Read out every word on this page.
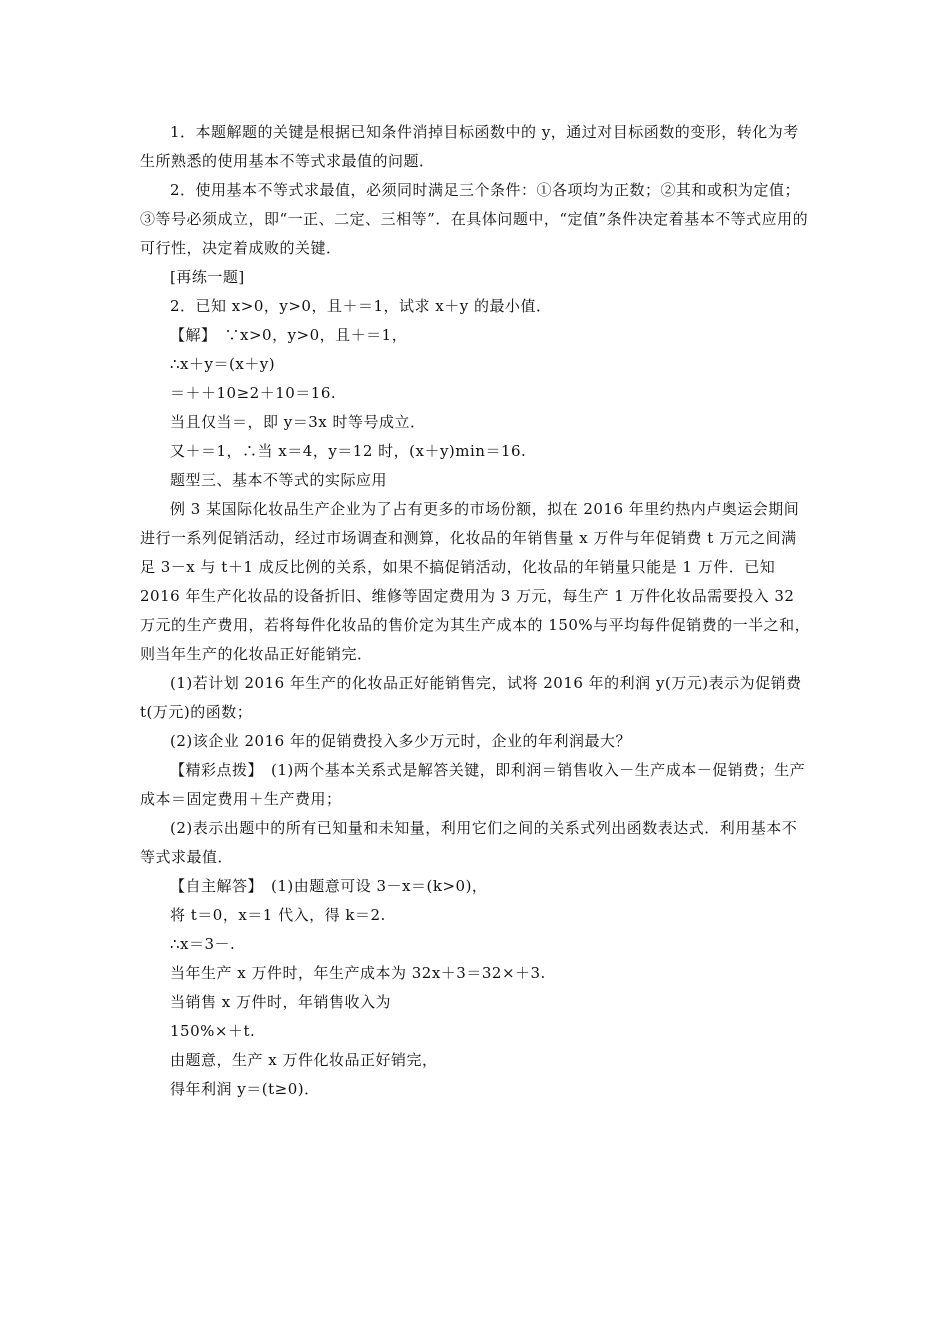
1．本题解题的关键是根据已知条件消掉目标函数中的 y，通过对目标函数的变形，转化为考生所熟悉的使用基本不等式求最值的问题．

2．使用基本不等式求最值，必须同时满足三个条件：①各项均为正数；②其和或积为定值；③等号必须成立，即“一正、二定、三相等”．在具体问题中，“定值”条件决定着基本不等式应用的可行性，决定着成败的关键．

[再练一题]

2．已知 x>0，y>0，且＋＝1，试求 x＋y 的最小值．

【解】　∵x>0，y>0，且＋＝1，

∴x＋y＝(x＋y)

＝＋＋10≥2＋10＝16.

当且仅当＝，即 y＝3x 时等号成立．

又＋＝1，∴当 x＝4，y＝12 时，(x＋y)min＝16.

题型三、基本不等式的实际应用

例 3 某国际化妆品生产企业为了占有更多的市场份额，拟在 2016 年里约热内卢奥运会期间进行一系列促销活动，经过市场调查和测算，化妆品的年销售量 x 万件与年促销费 t 万元之间满足 3－x 与 t＋1 成反比例的关系，如果不搞促销活动，化妆品的年销量只能是 1 万件．已知 2016 年生产化妆品的设备折旧、维修等固定费用为 3 万元，每生产 1 万件化妆品需要投入 32 万元的生产费用，若将每件化妆品的售价定为其生产成本的 150%与平均每件促销费的一半之和，则当年生产的化妆品正好能销完．

(1)若计划 2016 年生产的化妆品正好能销售完，试将 2016 年的利润 y(万元)表示为促销费 t(万元)的函数；

(2)该企业 2016 年的促销费投入多少万元时，企业的年利润最大？

【精彩点拨】　(1)两个基本关系式是解答关键，即利润＝销售收入－生产成本－促销费；生产成本＝固定费用＋生产费用；

(2)表示出题中的所有已知量和未知量，利用它们之间的关系式列出函数表达式．利用基本不等式求最值．

【自主解答】　(1)由题意可设 3－x＝(k>0)，

将 t＝0，x＝1 代入，得 k＝2.

∴x＝3－.

当年生产 x 万件时，年生产成本为 32x＋3＝32×＋3.

当销售 x 万件时，年销售收入为

150%×＋t.

由题意，生产 x 万件化妆品正好销完，

得年利润 y＝(t≥0)．
